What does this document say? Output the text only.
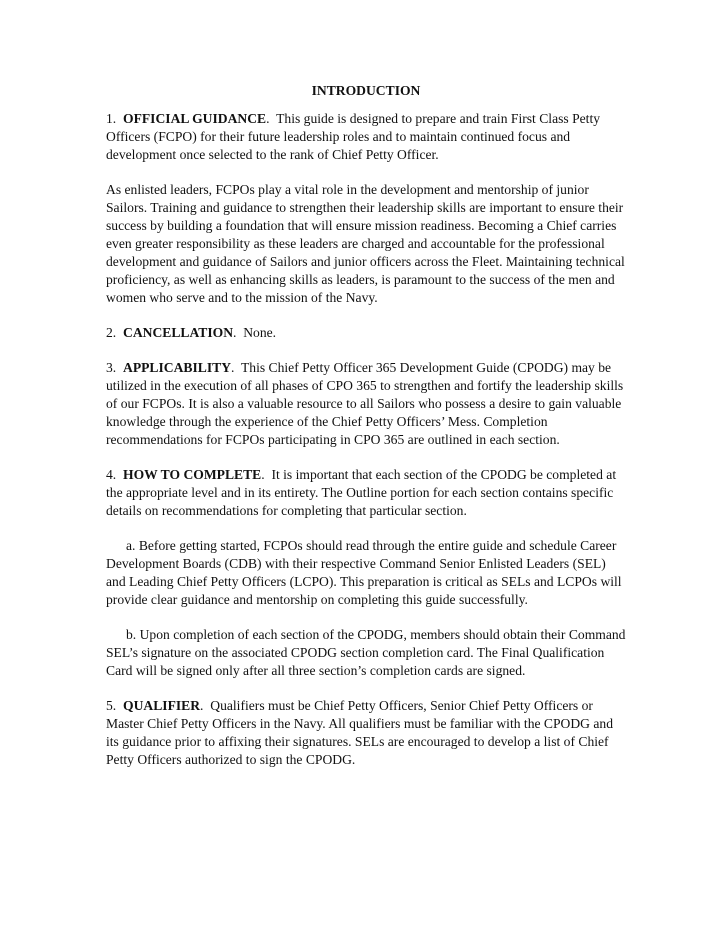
INTRODUCTION

1. OFFICIAL GUIDANCE.  This guide is designed to prepare and train First Class Petty Officers (FCPO) for their future leadership roles and to maintain continued focus and development once selected to the rank of Chief Petty Officer.

As enlisted leaders, FCPOs play a vital role in the development and mentorship of junior Sailors. Training and guidance to strengthen their leadership skills are important to ensure their success by building a foundation that will ensure mission readiness. Becoming a Chief carries even greater responsibility as these leaders are charged and accountable for the professional development and guidance of Sailors and junior officers across the Fleet. Maintaining technical proficiency, as well as enhancing skills as leaders, is paramount to the success of the men and women who serve and to the mission of the Navy.

2. CANCELLATION.  None.

3. APPLICABILITY.  This Chief Petty Officer 365 Development Guide (CPODG) may be utilized in the execution of all phases of CPO 365 to strengthen and fortify the leadership skills of our FCPOs. It is also a valuable resource to all Sailors who possess a desire to gain valuable knowledge through the experience of the Chief Petty Officers’ Mess. Completion recommendations for FCPOs participating in CPO 365 are outlined in each section.

4. HOW TO COMPLETE.  It is important that each section of the CPODG be completed at the appropriate level and in its entirety. The Outline portion for each section contains specific details on recommendations for completing that particular section.

a. Before getting started, FCPOs should read through the entire guide and schedule Career Development Boards (CDB) with their respective Command Senior Enlisted Leaders (SEL) and Leading Chief Petty Officers (LCPO). This preparation is critical as SELs and LCPOs will provide clear guidance and mentorship on completing this guide successfully.

b. Upon completion of each section of the CPODG, members should obtain their Command SEL’s signature on the associated CPODG section completion card. The Final Qualification Card will be signed only after all three section’s completion cards are signed.

5. QUALIFIER.  Qualifiers must be Chief Petty Officers, Senior Chief Petty Officers or Master Chief Petty Officers in the Navy. All qualifiers must be familiar with the CPODG and its guidance prior to affixing their signatures. SELs are encouraged to develop a list of Chief Petty Officers authorized to sign the CPODG.
